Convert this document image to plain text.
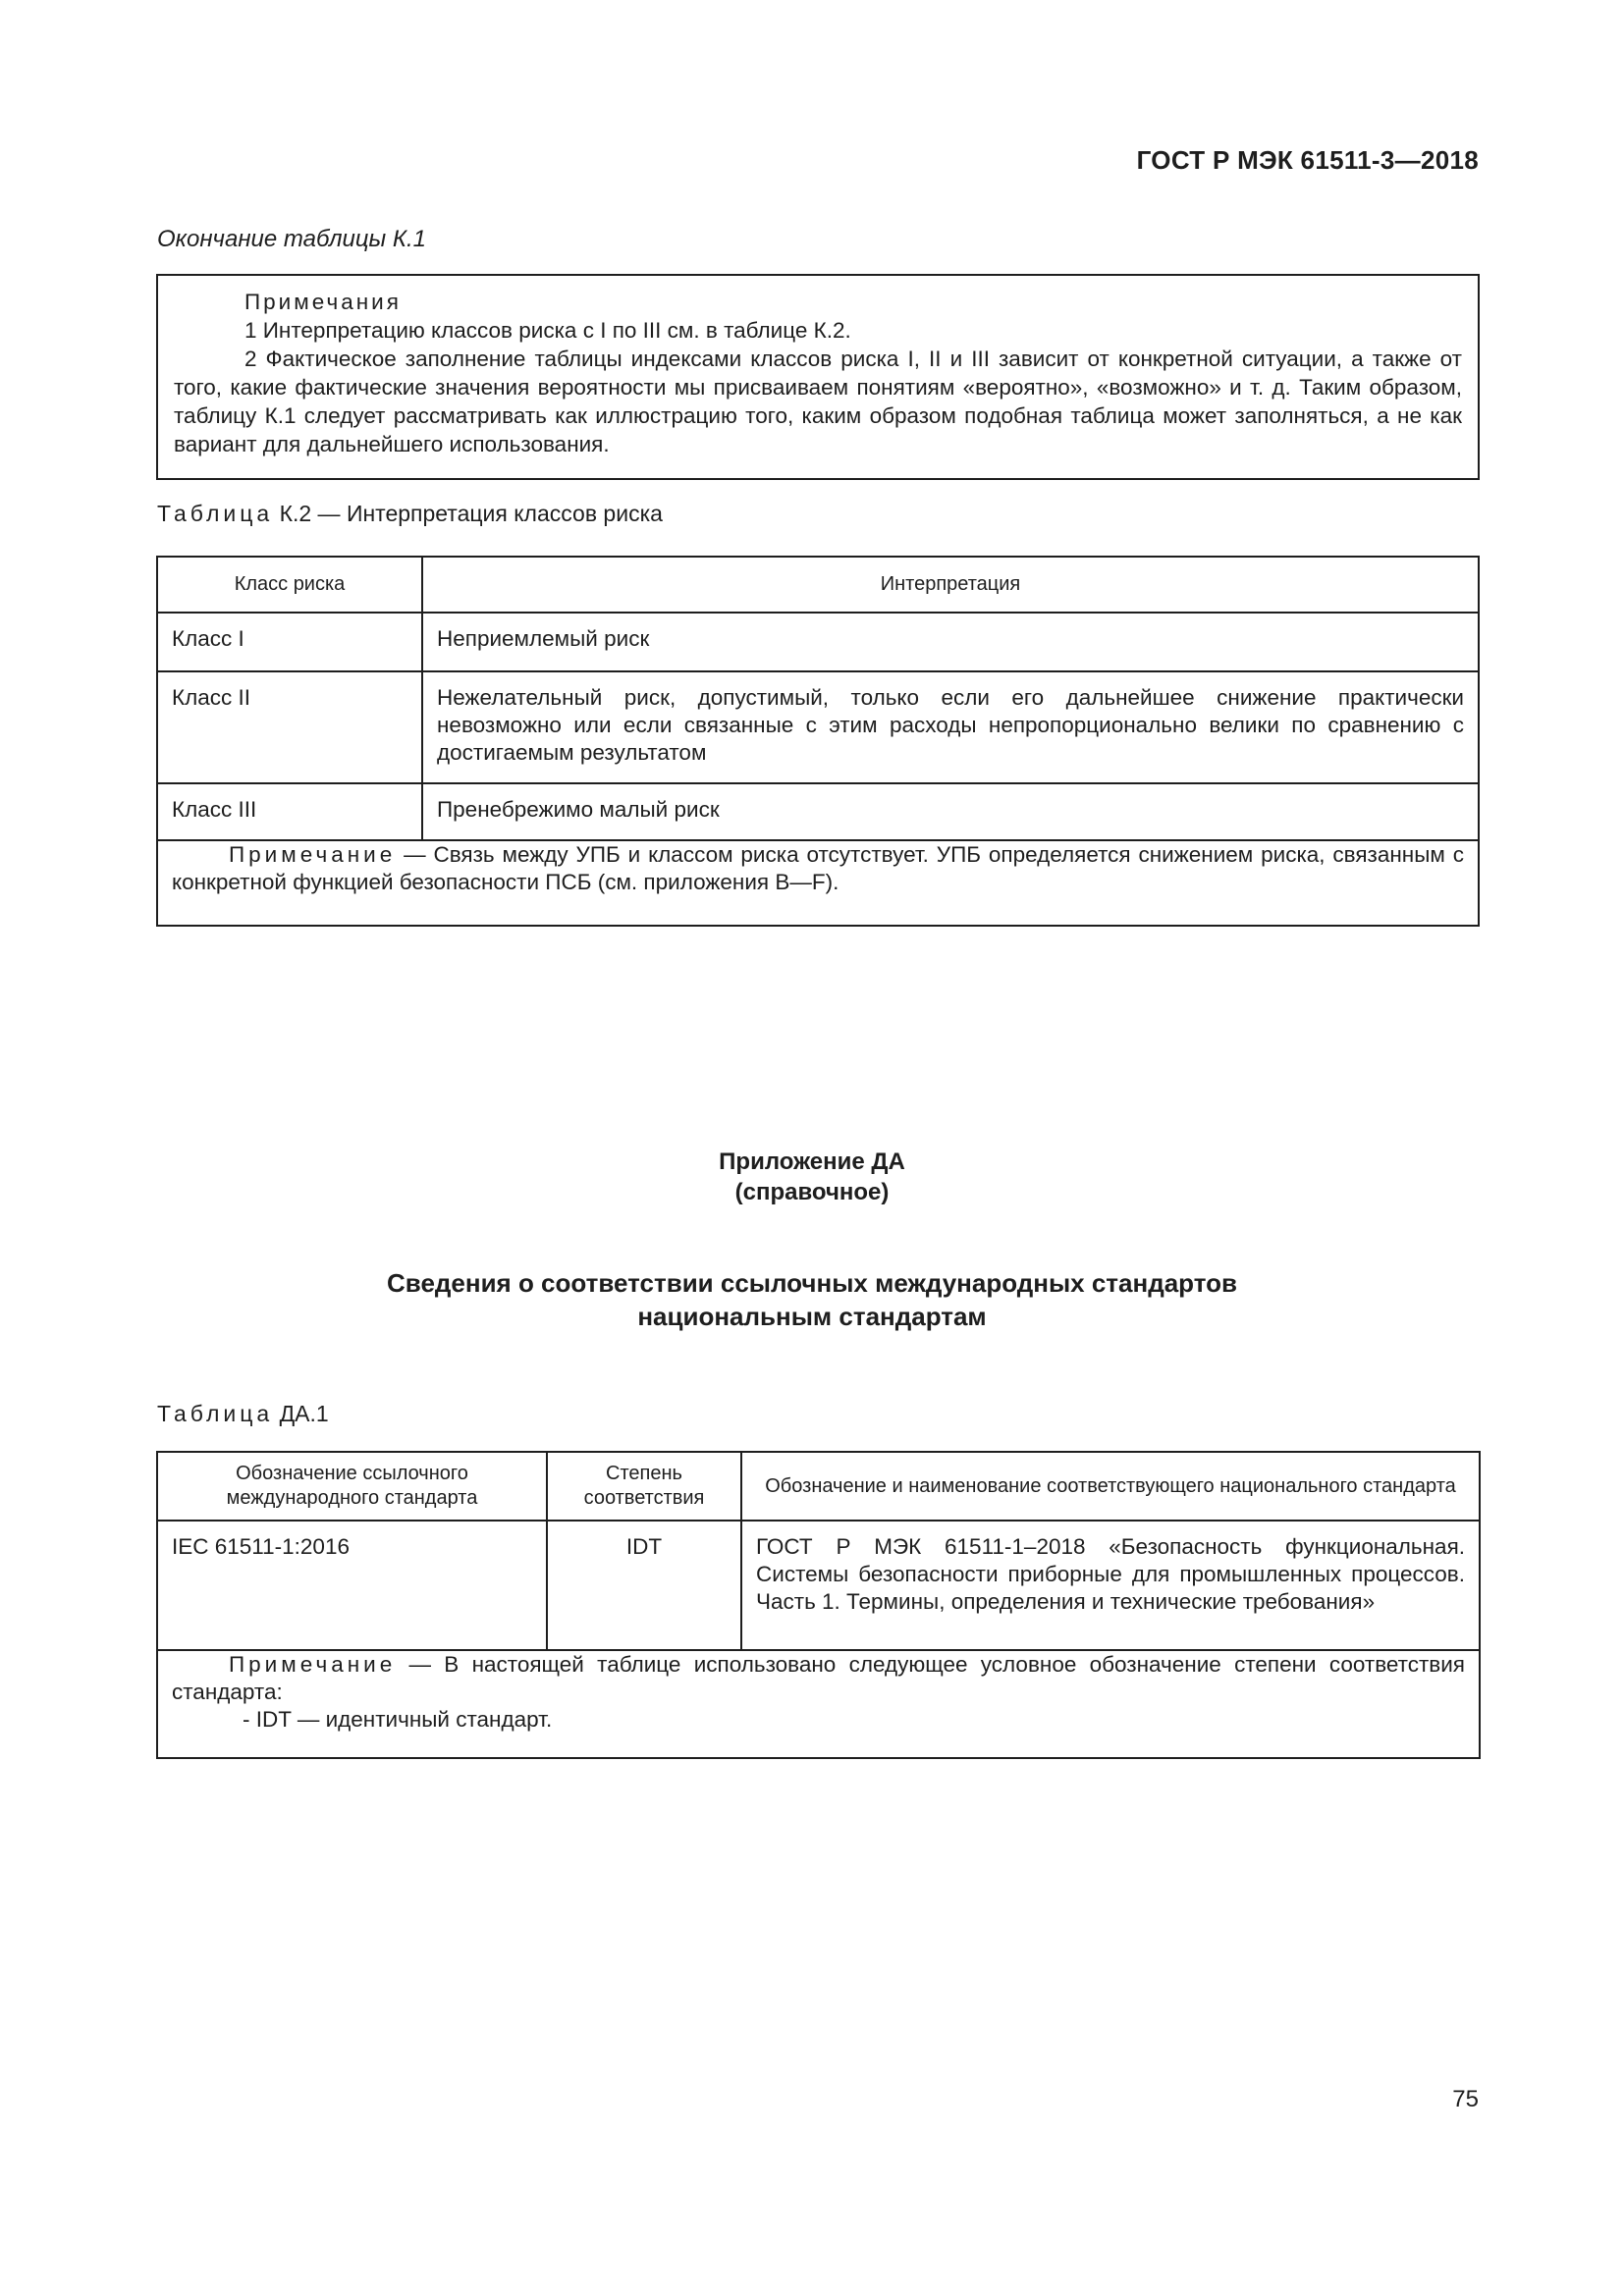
ГОСТ Р МЭК 61511-3—2018
Окончание таблицы К.1

Примечания

1 Интерпретацию классов риска с I по III см. в таблице К.2.

2 Фактическое заполнение таблицы индексами классов риска I, II и III зависит от конкретной ситуации, а также от того, какие фактические значения вероятности мы присваиваем понятиям «вероятно», «возможно» и т. д. Таким образом, таблицу К.1 следует рассматривать как иллюстрацию того, каким образом подобная таблица может заполняться, а не как вариант для дальнейшего использования.

Таблица К.2 — Интерпретация классов риска
Класс риска	Интерпретация
Класс I	Неприемлемый риск
Класс II	Нежелательный риск, допустимый, только если его дальнейшее снижение практически невозможно или если связанные с этим расходы непропорционально велики по сравнению с достигаемым результатом
Класс III	Пренебрежимо малый риск
Примечание — Связь между УПБ и классом риска отсутствует. УПБ определяется снижением риска, связанным с конкретной функцией безопасности ПСБ (см. приложения В—F).	
Приложение ДА
(справочное)
Сведения о соответствии ссылочных международных стандартов
национальным стандартам
Таблица ДА.1
Обозначение ссылочного международного стандарта	Степень соответствия	Обозначение и наименование соответствующего национального стандарта
IEC 61511-1:2016	IDT	ГОСТ Р МЭК 61511-1–2018 «Безопасность функциональная. Системы безопасности приборные для промышленных процессов. Часть 1. Термины, определения и технические требования»
Примечание — В настоящей таблице использовано следующее условное обозначение степени соответствия стандарта:
- IDT — идентичный стандарт.		
75
